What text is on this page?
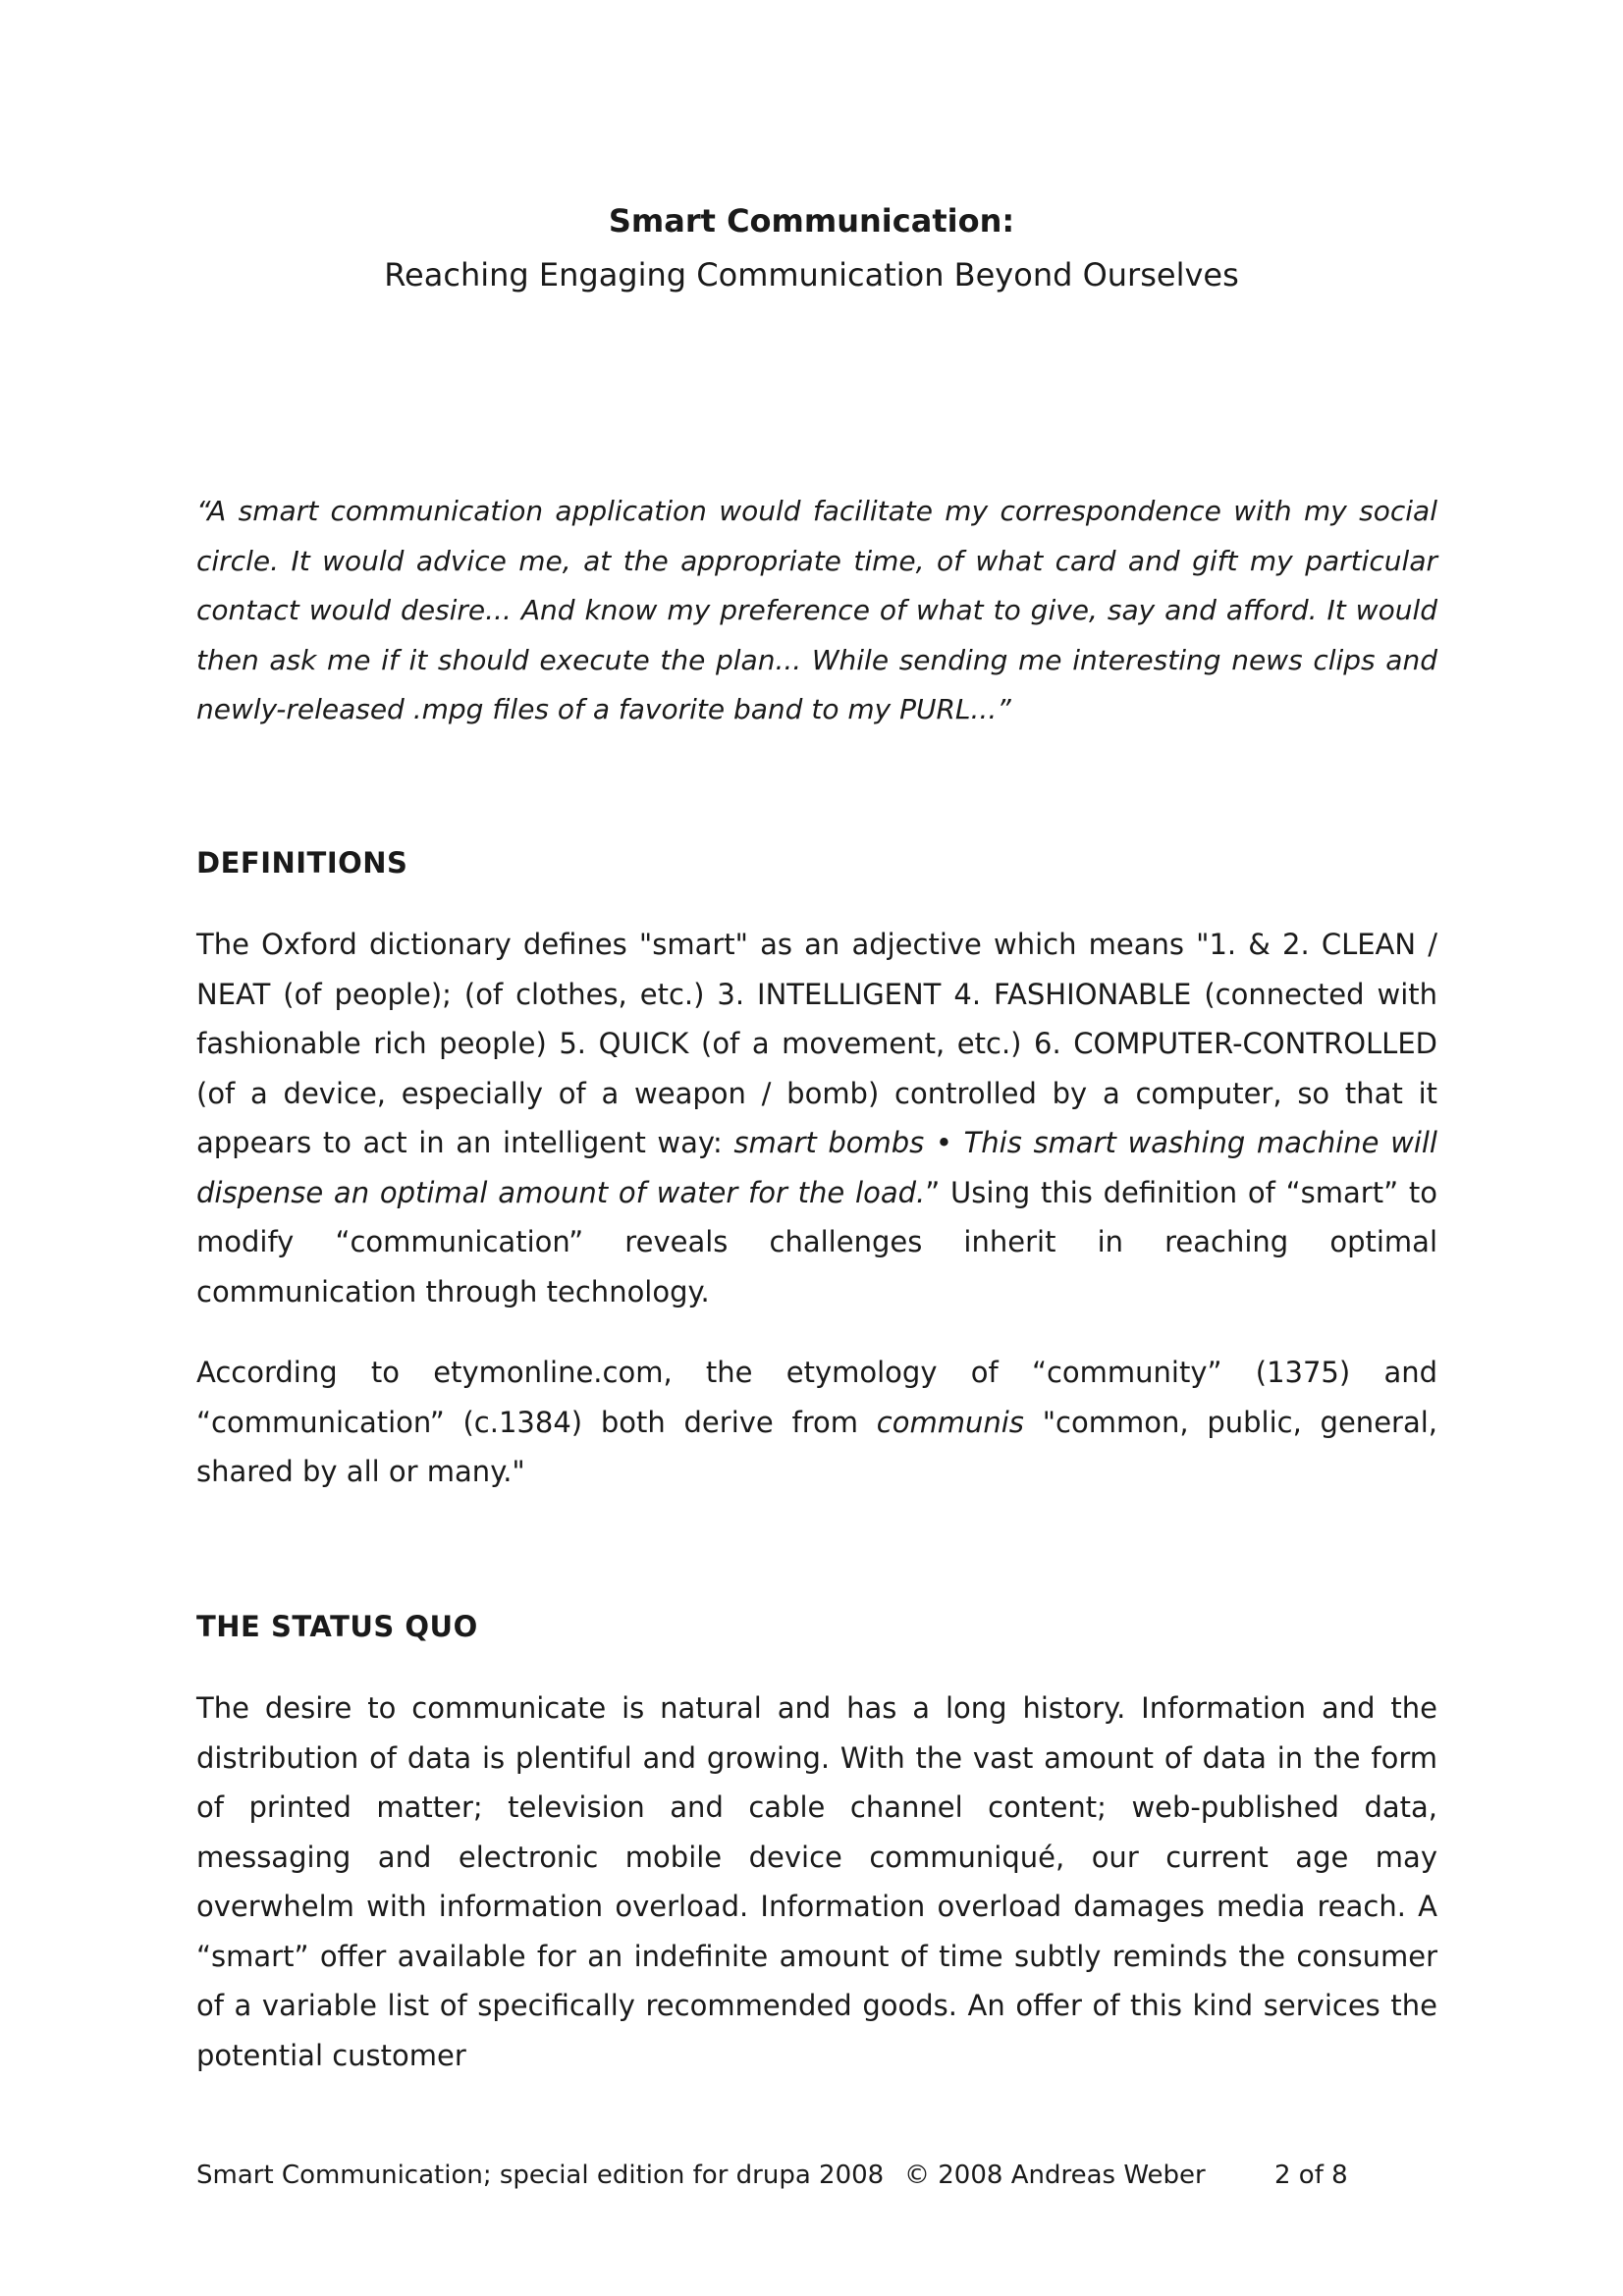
Smart Communication:
Reaching Engaging Communication Beyond Ourselves
“A smart communication application would facilitate my correspondence with my social circle. It would advice me, at the appropriate time, of what card and gift my particular contact would desire... And know my preference of what to give, say and afford. It would then ask me if it should execute the plan... While sending me interesting news clips and newly-released .mpg files of a favorite band to my PURL...”
DEFINITIONS
The Oxford dictionary defines "smart" as an adjective which means "1. & 2. CLEAN / NEAT (of people); (of clothes, etc.) 3. INTELLIGENT 4. FASHIONABLE (connected with fashionable rich people) 5. QUICK (of a movement, etc.) 6. COMPUTER-CONTROLLED (of a device, especially of a weapon / bomb) controlled by a computer, so that it appears to act in an intelligent way: smart bombs • This smart washing machine will dispense an optimal amount of water for the load.” Using this definition of “smart” to modify “communication” reveals challenges inherit in reaching optimal communication through technology.
According to etymonline.com, the etymology of “community” (1375) and “communication” (c.1384) both derive from communis "common, public, general, shared by all or many."
THE STATUS QUO
The desire to communicate is natural and has a long history. Information and the distribution of data is plentiful and growing. With the vast amount of data in the form of printed matter; television and cable channel content; web-published data, messaging and electronic mobile device communiqué, our current age may overwhelm with information overload. Information overload damages media reach. A “smart” offer available for an indefinite amount of time subtly reminds the consumer of a variable list of specifically recommended goods. An offer of this kind services the potential customer
Smart Communication; special edition for drupa 2008 © 2008 Andreas Weber	2 of 8
